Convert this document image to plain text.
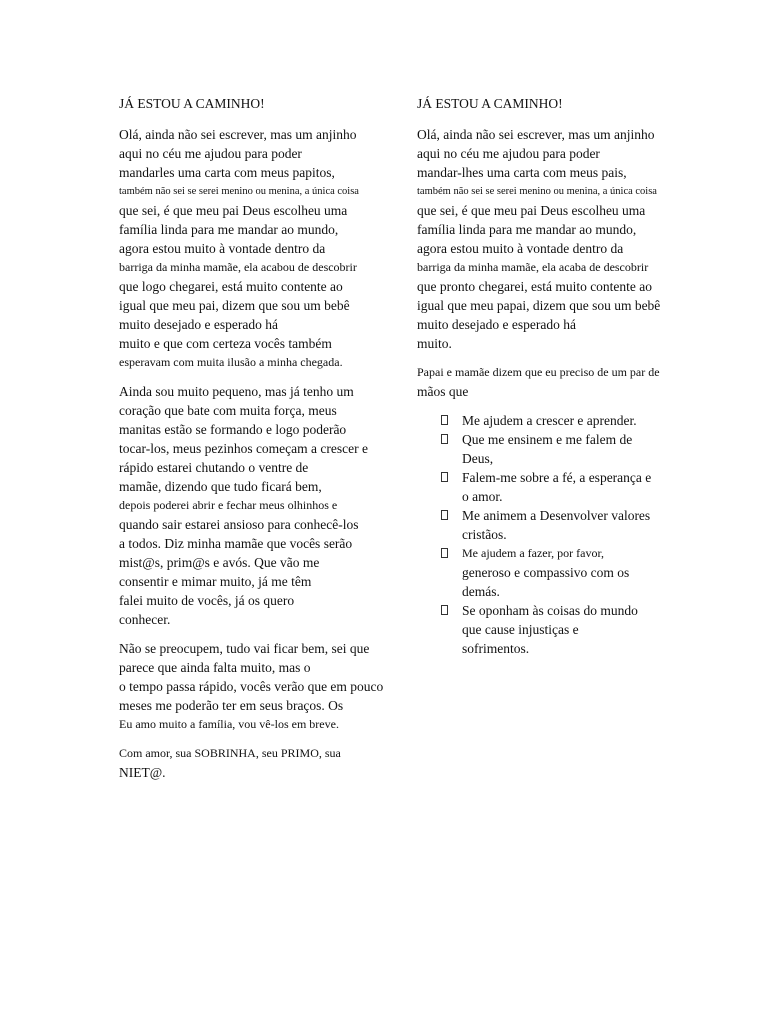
JÁ ESTOU A CAMINHO!
Olá, ainda não sei escrever, mas um anjinho
aqui no céu me ajudou para poder
mandarles uma carta com meus papitos,
também não sei se serei menino ou menina, a única coisa
que sei, é que meu pai Deus escolheu uma
família linda para me mandar ao mundo,
agora estou muito à vontade dentro da
barriga da minha mamãe, ela acabou de descobrir
que logo chegarei, está muito contente ao
igual que meu pai, dizem que sou um bebê
muito desejado e esperado há
muito e que com certeza vocês também
esperavam com muita ilusão a minha chegada.
Ainda sou muito pequeno, mas já tenho um
coração que bate com muita força, meus
manitas estão se formando e logo poderão
tocar-los, meus pezinhos começam a crescer e
rápido estarei chutando o ventre de
mamãe, dizendo que tudo ficará bem,
depois poderei abrir e fechar meus olhinhos e
quando sair estarei ansioso para conhecê-los
a todos. Diz minha mamãe que vocês serão
mist@s, prim@s e avós. Que vão me
consentir e mimar muito, já me têm
falei muito de vocês, já os quero
conhecer.
Não se preocupem, tudo vai ficar bem, sei que
parece que ainda falta muito, mas o
o tempo passa rápido, vocês verão que em pouco
meses me poderão ter em seus braços. Os
Eu amo muito a família, vou vê-los em breve.
Com amor, sua SOBRINHA, seu PRIMO, sua
NIET@.
JÁ ESTOU A CAMINHO!
Olá, ainda não sei escrever, mas um anjinho
aqui no céu me ajudou para poder
mandar-lhes uma carta com meus pais,
também não sei se serei menino ou menina, a única coisa
que sei, é que meu pai Deus escolheu uma
família linda para me mandar ao mundo,
agora estou muito à vontade dentro da
barriga da minha mamãe, ela acaba de descobrir
que pronto chegarei, está muito contente ao
igual que meu papai, dizem que sou um bebê
muito desejado e esperado há
muito.
Papai e mamãe dizem que eu preciso de um par de
mãos que
Me ajudem a crescer e aprender.
Que me ensinem e me falem de
Deus,
Falem-me sobre a fé, a esperança e
o amor.
Me animem a Desenvolver valores
cristãos.
Me ajudem a fazer, por favor,
generoso e compassivo com os
demás.
Se oponham às coisas do mundo
que cause injustiças e
sofrimentos.
